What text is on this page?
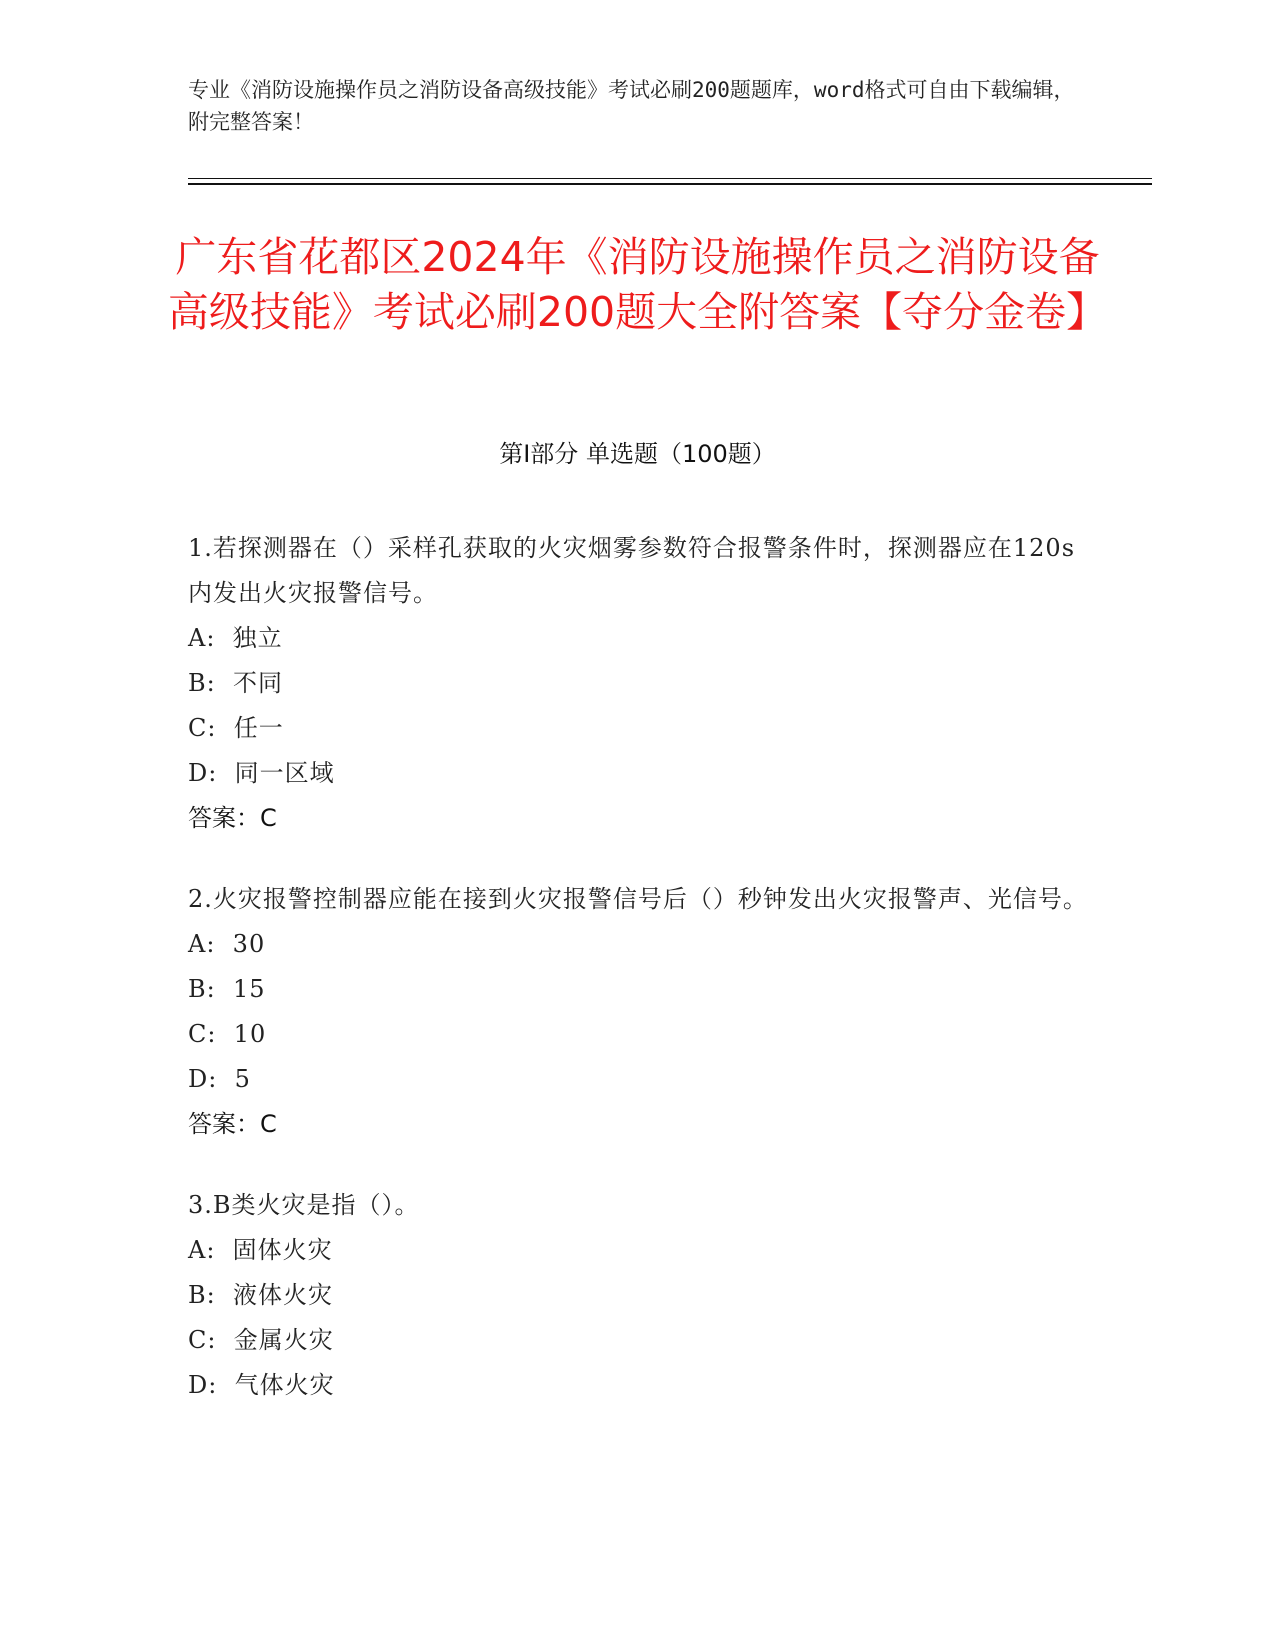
专业《消防设施操作员之消防设备高级技能》考试必刷200题题库，word格式可自由下载编辑，附完整答案！
广东省花都区2024年《消防设施操作员之消防设备高级技能》考试必刷200题大全附答案【夺分金卷】
第I部分 单选题（100题）
1.若探测器在（）采样孔获取的火灾烟雾参数符合报警条件时，探测器应在120s内发出火灾报警信号。
A:  独立
B:  不同
C:  任一
D:  同一区域
答案：C
2.火灾报警控制器应能在接到火灾报警信号后（）秒钟发出火灾报警声、光信号。
A:  30
B:  15
C:  10
D:  5
答案：C
3.B类火灾是指（）。
A:  固体火灾
B:  液体火灾
C:  金属火灾
D:  气体火灾
